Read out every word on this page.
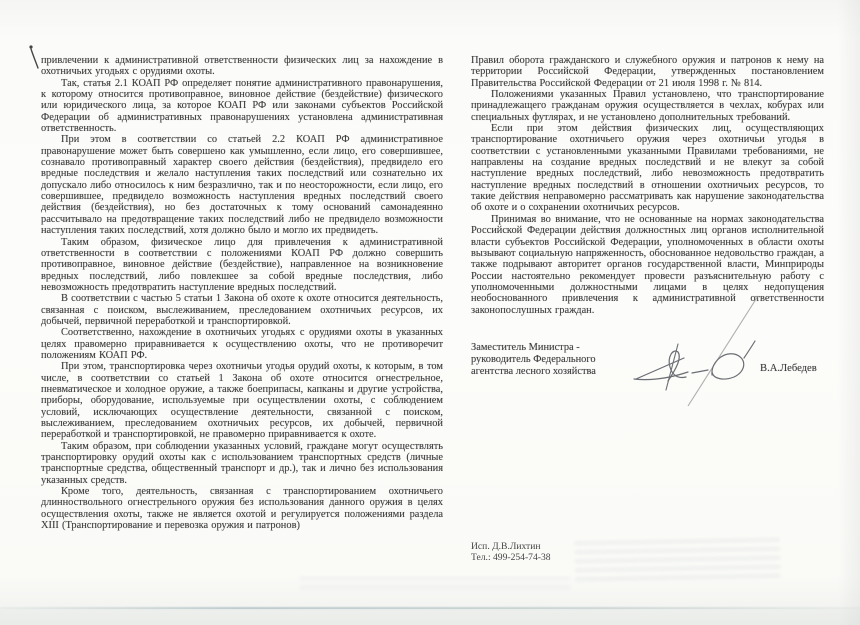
привлечении к административной ответственности физических лиц за нахождение в охотничьих угодьях с орудиями охоты.

Так, статья 2.1 КОАП РФ определяет понятие административного правонарушения, к которому относится противоправное, виновное действие (бездействие) физического или юридического лица, за которое КОАП РФ или законами субъектов Российской Федерации об административных правонарушениях установлена административная ответственность.

При этом в соответствии со статьей 2.2 КОАП РФ административное правонарушение может быть совершено как умышленно, если лицо, его совершившее, сознавало противоправный характер своего действия (бездействия), предвидело его вредные последствия и желало наступления таких последствий или сознательно их допускало либо относилось к ним безразлично, так и по неосторожности, если лицо, его совершившее, предвидело возможность наступления вредных последствий своего действия (бездействия), но без достаточных к тому оснований самонадеянно рассчитывало на предотвращение таких последствий либо не предвидело возможности наступления таких последствий, хотя должно было и могло их предвидеть.

Таким образом, физическое лицо для привлечения к административной ответственности в соответствии с положениями КОАП РФ должно совершить противоправное, виновное действие (бездействие), направленное на возникновение вредных последствий, либо повлекшее за собой вредные последствия, либо невозможность предотвратить наступление вредных последствий.

В соответствии с частью 5 статьи 1 Закона об охоте к охоте относится деятельность, связанная с поиском, выслеживанием, преследованием охотничьих ресурсов, их добычей, первичной переработкой и транспортировкой.

Соответственно, нахождение в охотничьих угодьях с орудиями охоты в указанных целях правомерно приравнивается к осуществлению охоты, что не противоречит положениям КОАП РФ.

При этом, транспортировка через охотничьи угодья орудий охоты, к которым, в том числе, в соответствии со статьей 1 Закона об охоте относится огнестрельное, пневматическое и холодное оружие, а также боеприпасы, капканы и другие устройства, приборы, оборудование, используемые при осуществлении охоты, с соблюдением условий, исключающих осуществление деятельности, связанной с поиском, выслеживанием, преследованием охотничьих ресурсов, их добычей, первичной переработкой и транспортировкой, не правомерно приравнивается к охоте.

Таким образом, при соблюдении указанных условий, граждане могут осуществлять транспортировку орудий охоты как с использованием транспортных средств (личные транспортные средства, общественный транспорт и др.), так и лично без использования указанных средств.

Кроме того, деятельность, связанная с транспортированием охотничьего длинноствольного огнестрельного оружия без использования данного оружия в целях осуществления охоты, также не является охотой и регулируется положениями раздела XIII (Транспортирование и перевозка оружия и патронов)

Правил оборота гражданского и служебного оружия и патронов к нему на территории Российской Федерации, утвержденных постановлением Правительства Российской Федерации от 21 июля 1998 г. № 814.

Положениями указанных Правил установлено, что транспортирование принадлежащего гражданам оружия осуществляется в чехлах, кобурах или специальных футлярах, и не установлено дополнительных требований.

Если при этом действия физических лиц, осуществляющих транспортирование охотничьего оружия через охотничьи угодья в соответствии с установленными указанными Правилами требованиями, не направлены на создание вредных последствий и не влекут за собой наступление вредных последствий, либо невозможность предотвратить наступление вредных последствий в отношении охотничьих ресурсов, то такие действия неправомерно рассматривать как нарушение законодательства об охоте и о сохранении охотничьих ресурсов.

Принимая во внимание, что не основанные на нормах законодательства Российской Федерации действия должностных лиц органов исполнительной власти субъектов Российской Федерации, уполномоченных в области охоты вызывают социальную напряженность, обоснованное недовольство граждан, а также подрывают авторитет органов государственной власти, Минприроды России настоятельно рекомендует провести разъяснительную работу с уполномоченными должностными лицами в целях недопущения необоснованного привлечения к административной ответственности законопослушных граждан.

Заместитель Министра -

руководитель Федерального

агентства лесного хозяйства	В.А.Лебедев
Исп. Д.В.Лихтин
Тел.: 499-254-74-38
